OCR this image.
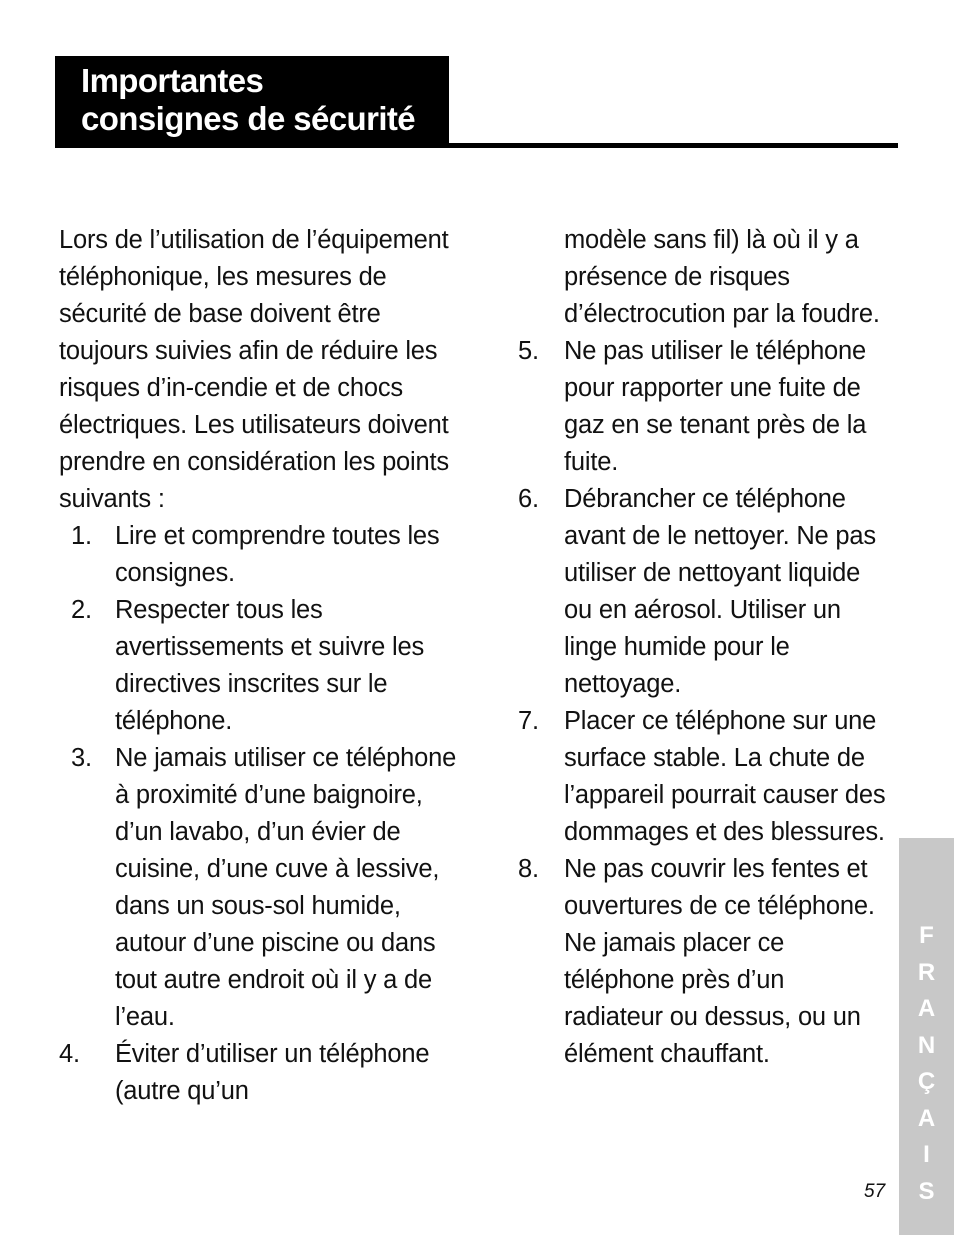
Importantes
consignes de sécurité

Lors de l’utilisation de l’équipement téléphonique, les mesures de sécurité de base doivent être toujours suivies afin de réduire les risques d’in-cendie et de chocs électriques. Les utilisateurs doivent prendre en considération les points suivants :

1. Lire et comprendre toutes les consignes.
2. Respecter tous les avertissements et suivre les directives inscrites sur le téléphone.
3. Ne jamais utiliser ce téléphone à proximité d’une baignoire, d’un lavabo, d’un évier de cuisine, d’une cuve à lessive, dans un sous-sol humide, autour d’une piscine ou dans tout autre endroit où il y a de l’eau.
4. Éviter d’utiliser un téléphone (autre qu’un
modèle sans fil) là où il y a présence de risques d’électrocution par la foudre.
5. Ne pas utiliser le téléphone pour rapporter une fuite de gaz en se tenant près de la fuite.
6. Débrancher ce téléphone avant de le nettoyer. Ne pas utiliser de nettoyant liquide ou en aérosol. Utiliser un linge humide pour le nettoyage.
7. Placer ce téléphone sur une surface stable. La chute de l’appareil pourrait causer des dommages et des blessures.
8. Ne pas couvrir les fentes et ouvertures de ce téléphone. Ne jamais placer ce téléphone près d’un radiateur ou dessus, ou un élément chauffant.
57
F
R
A
N
Ç
A
I
S
